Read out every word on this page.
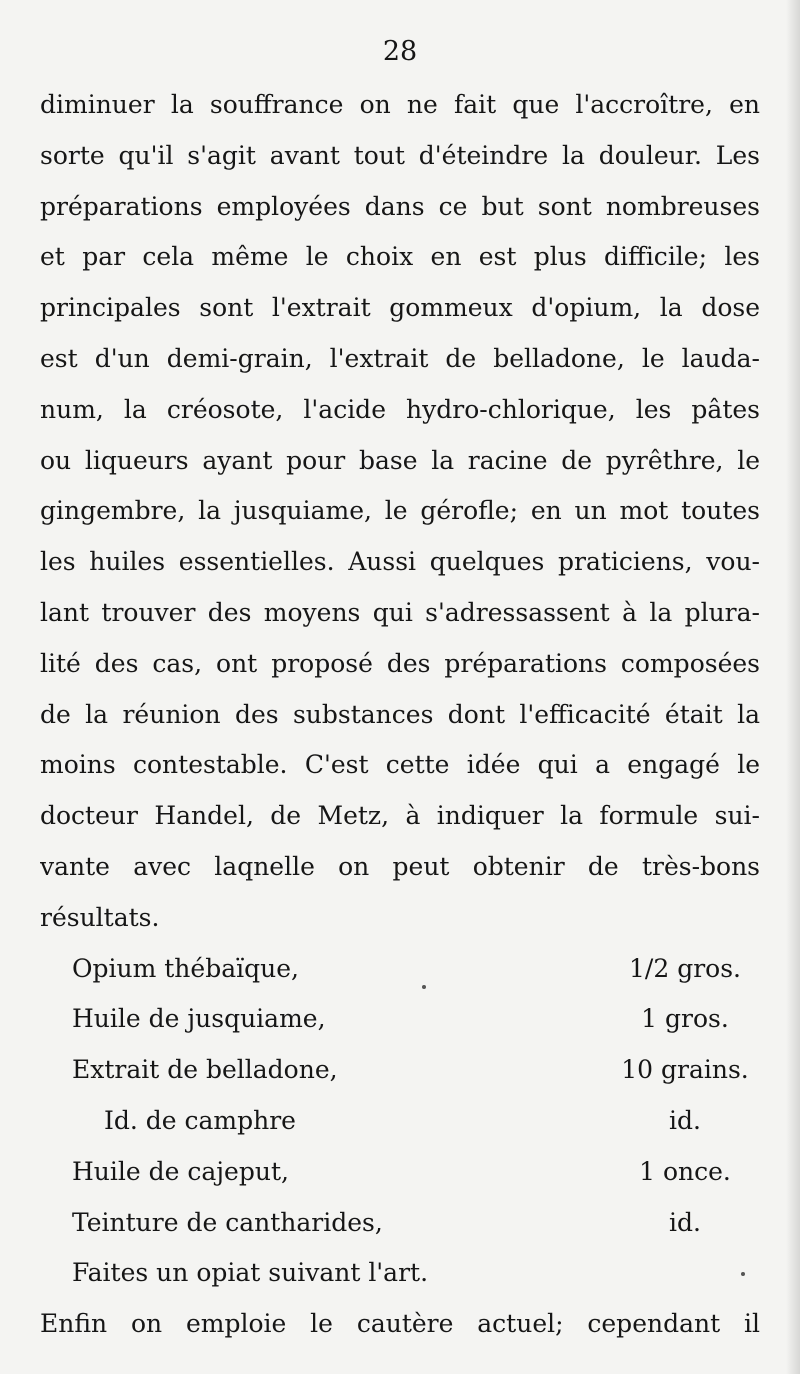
28
diminuer la souffrance on ne fait que l'accroître, en
sorte qu'il s'agit avant tout d'éteindre la douleur. Les
préparations employées dans ce but sont nombreuses
et par cela même le choix en est plus difficile; les
principales sont l'extrait gommeux d'opium, la dose
est d'un demi-grain, l'extrait de belladone, le lauda-
num, la créosote, l'acide hydro-chlorique, les pâtes
ou liqueurs ayant pour base la racine de pyrêthre, le
gingembre, la jusquiame, le gérofle; en un mot toutes
les huiles essentielles. Aussi quelques praticiens, vou-
lant trouver des moyens qui s'adressassent à la plura-
lité des cas, ont proposé des préparations composées
de la réunion des substances dont l'efficacité était la
moins contestable. C'est cette idée qui a engagé le
docteur Handel, de Metz, à indiquer la formule sui-
vante avec laqnelle on peut obtenir de très-bons
résultats.
Opium thébaïque,	1/2 gros.
Huile de jusquiame,	1 gros.
Extrait de belladone,	10 grains.
Id. de camphre	id.
Huile de cajeput,	1 once.
Teinture de cantharides,	id.
Faites un opiat suivant l'art.
Enfin on emploie le cautère actuel; cependant il
